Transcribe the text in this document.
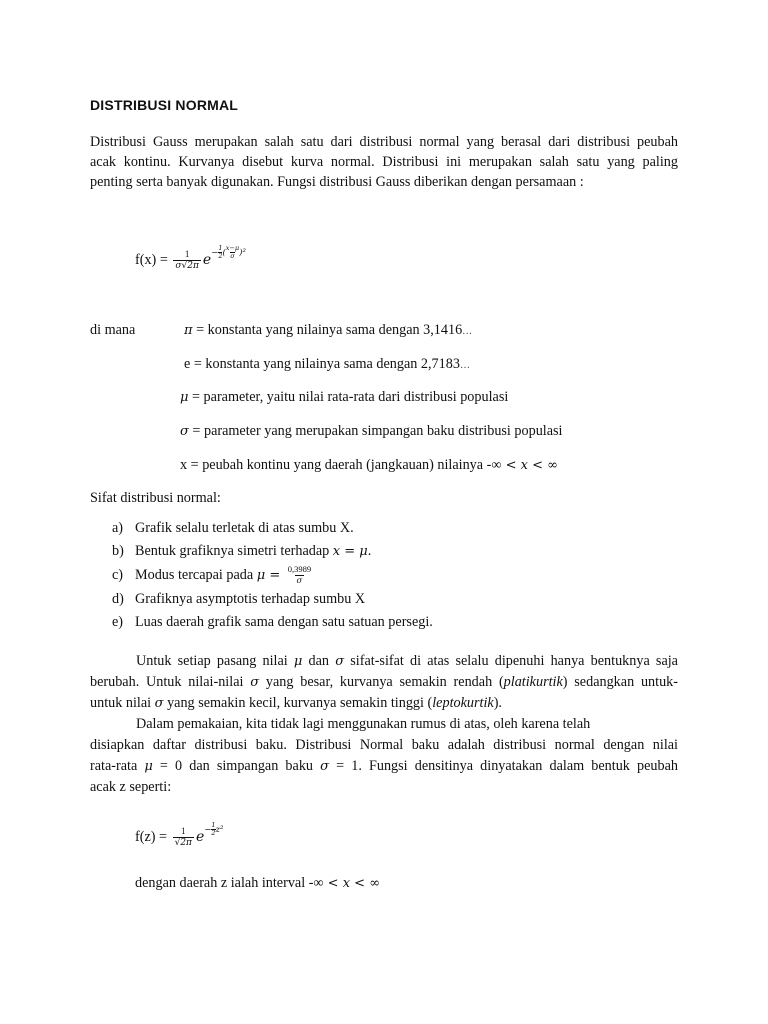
DISTRIBUSI NORMAL
Distribusi Gauss merupakan salah satu dari distribusi normal yang berasal dari distribusi peubah
acak kontinu. Kurvanya disebut kurva normal. Distribusi ini merupakan salah satu yang paling
penting serta banyak digunakan. Fungsi distribusi Gauss diberikan dengan persamaan :
$f(x) = \frac{1}{\sigma√2\pi} e^{- \frac{1}{2} ( \frac{x-\mu}{\sigma} )^2}$
di mana	π = konstanta yang nilainya sama dengan 3,1416…
e = konstanta yang nilainya sama dengan 2,7183…
μ = parameter, yaitu nilai rata-rata dari distribusi populasi
σ = parameter yang merupakan simpangan baku distribusi populasi
x = peubah kontinu yang daerah (jangkauan) nilainya -∞ < x < ∞
Sifat distribusi normal:
a) Grafik selalu terletak di atas sumbu X.
b) Bentuk grafiknya simetri terhadap x = μ.
c) Modus tercapai pada $\mu = \frac{0,3989}{\sigma}$
d) Grafiknya asymptotis terhadap sumbu X
e) Luas daerah grafik sama dengan satu satuan persegi.
Untuk setiap pasang nilai μ dan σ sifat-sifat di atas selalu dipenuhi hanya bentuknya saja
berubah. Untuk nilai-nilai σ yang besar, kurvanya semakin rendah (platikurtik) sedangkan untuk-
untuk nilai σ yang semakin kecil, kurvanya semakin tinggi (leptokurtik).
Dalam pemakaian, kita tidak lagi menggunakan rumus di atas, oleh karena telah
disiapkan daftar distribusi baku. Distribusi Normal baku adalah distribusi normal dengan nilai
rata-rata μ = 0 dan simpangan baku σ = 1. Fungsi densitinya dinyatakan dalam bentuk peubah
acak z seperti:
$f(z) = \frac{1}{√2\pi} e^{- \frac{1}{2} z^2}$
dengan daerah z ialah interval -∞ < x < ∞
